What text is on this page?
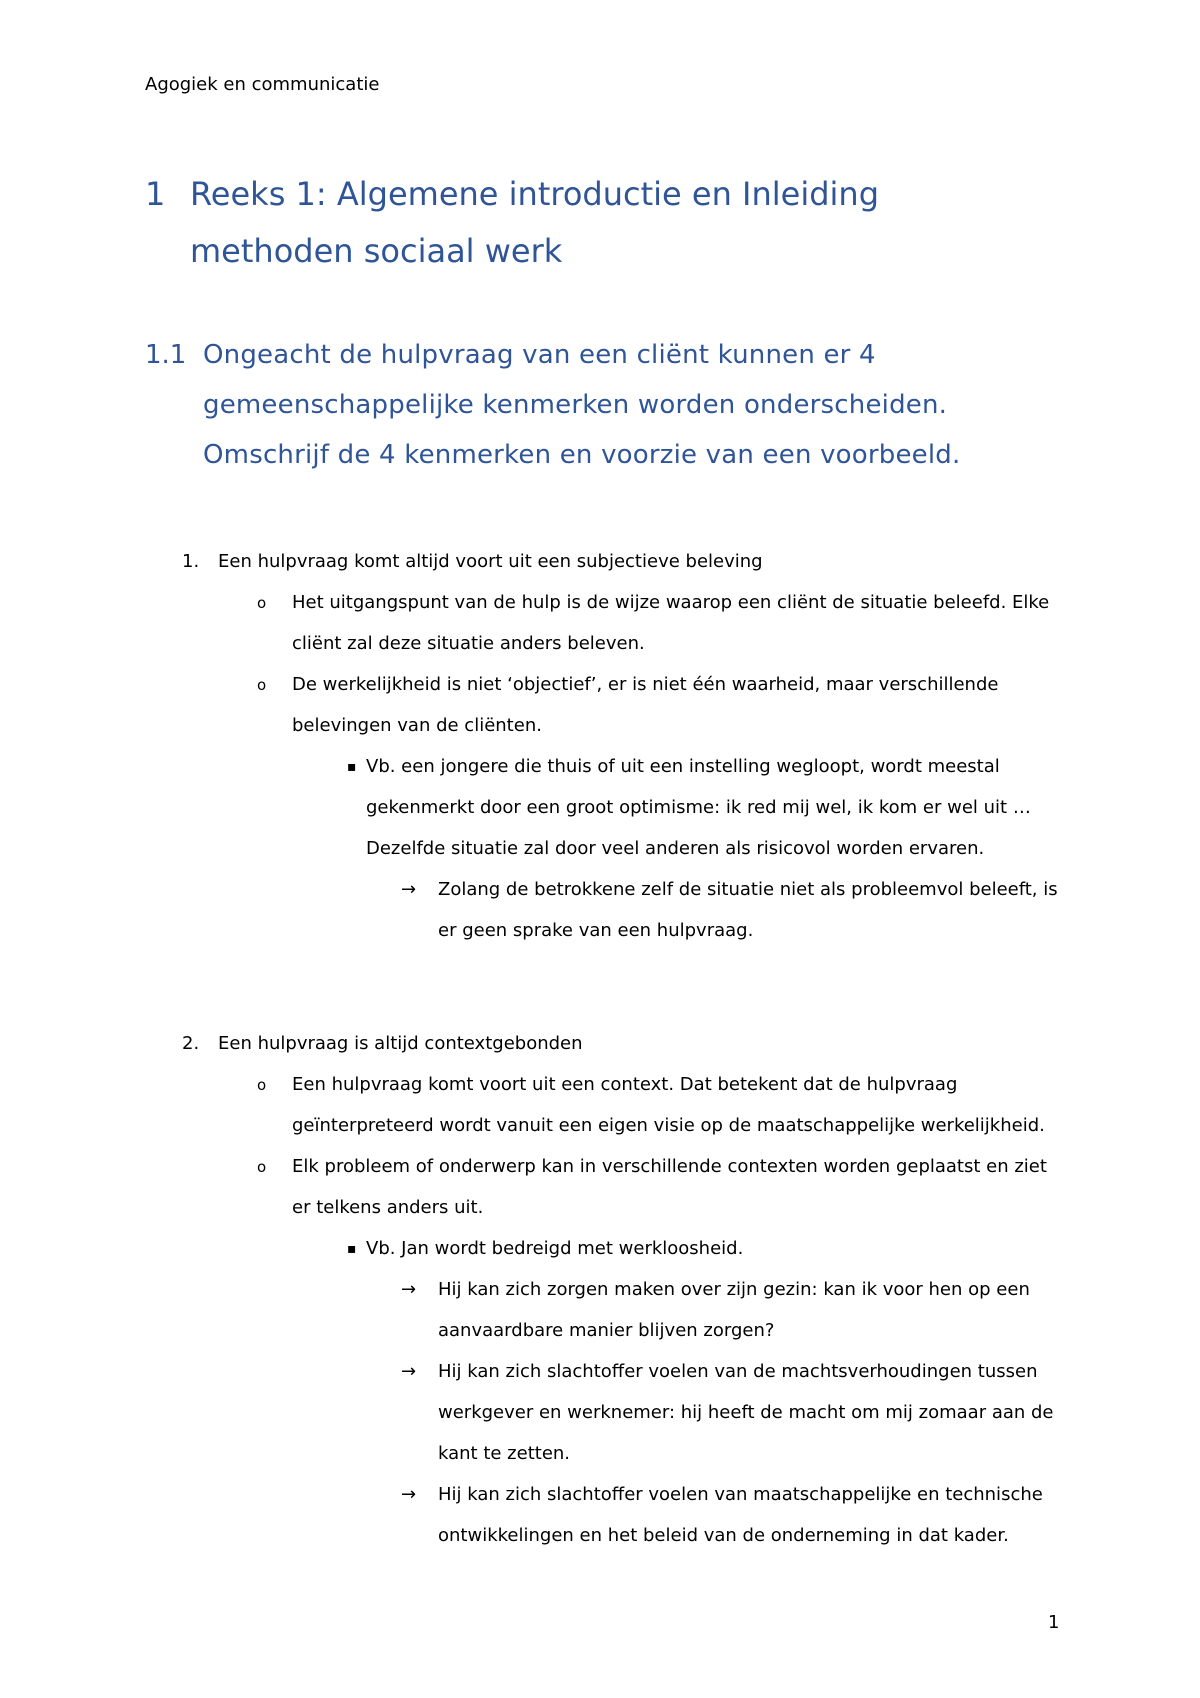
Agogiek en communicatie
1 Reeks 1: Algemene introductie en Inleiding
methoden sociaal werk
1.1 Ongeacht de hulpvraag van een cliënt kunnen er 4
gemeenschappelijke kenmerken worden onderscheiden.
Omschrijf de 4 kenmerken en voorzie van een voorbeeld.
1. Een hulpvraag komt altijd voort uit een subjectieve beleving
o Het uitgangspunt van de hulp is de wijze waarop een cliënt de situatie beleefd. Elke
cliënt zal deze situatie anders beleven.
o De werkelijkheid is niet ‘objectief’, er is niet één waarheid, maar verschillende
belevingen van de cliënten.
▪ Vb. een jongere die thuis of uit een instelling wegloopt, wordt meestal
gekenmerkt door een groot optimisme: ik red mij wel, ik kom er wel uit …
Dezelfde situatie zal door veel anderen als risicovol worden ervaren.
→ Zolang de betrokkene zelf de situatie niet als probleemvol beleeft, is
er geen sprake van een hulpvraag.
2. Een hulpvraag is altijd contextgebonden
o Een hulpvraag komt voort uit een context. Dat betekent dat de hulpvraag
geïnterpreteerd wordt vanuit een eigen visie op de maatschappelijke werkelijkheid.
o Elk probleem of onderwerp kan in verschillende contexten worden geplaatst en ziet
er telkens anders uit.
▪ Vb. Jan wordt bedreigd met werkloosheid.
→ Hij kan zich zorgen maken over zijn gezin: kan ik voor hen op een
aanvaardbare manier blijven zorgen?
→ Hij kan zich slachtoffer voelen van de machtsverhoudingen tussen
werkgever en werknemer: hij heeft de macht om mij zomaar aan de
kant te zetten.
→ Hij kan zich slachtoffer voelen van maatschappelijke en technische
ontwikkelingen en het beleid van de onderneming in dat kader.
1
